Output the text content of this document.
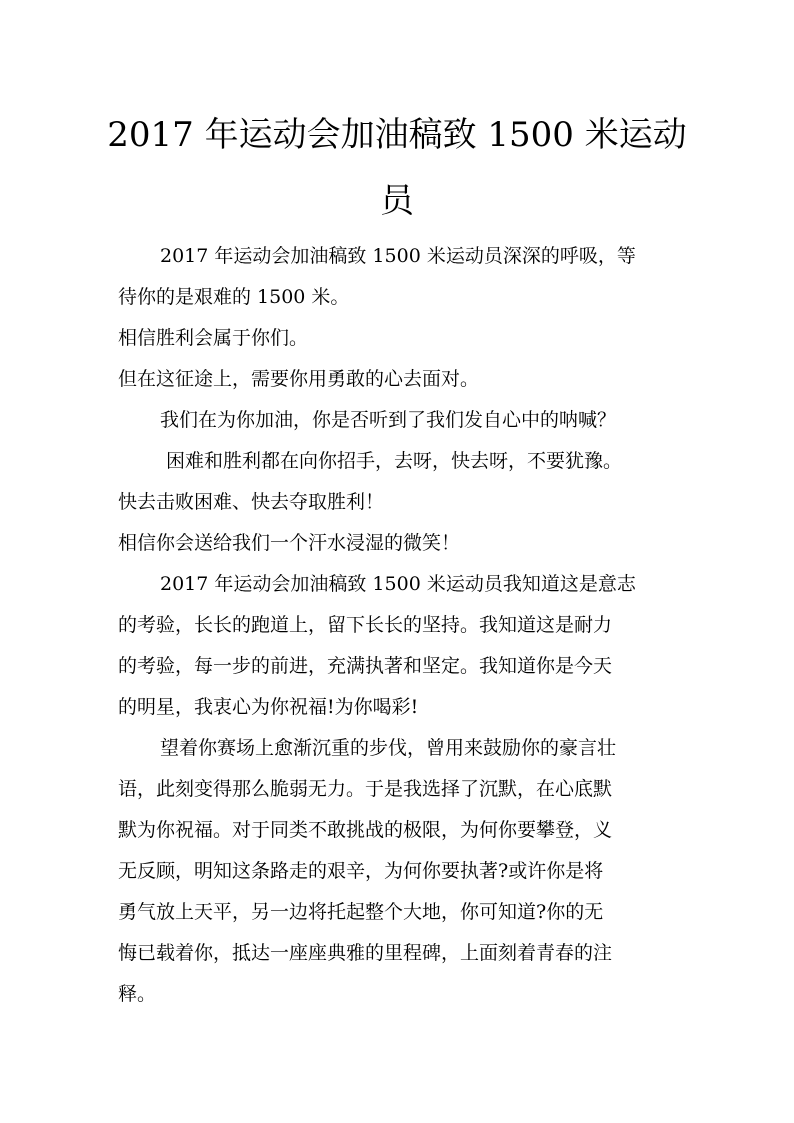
2017 年运动会加油稿致 1500 米运动
员
2017 年运动会加油稿致 1500 米运动员深深的呼吸，等
待你的是艰难的 1500 米。
相信胜利会属于你们。
但在这征途上，需要你用勇敢的心去面对。
我们在为你加油，你是否听到了我们发自心中的呐喊？
困难和胜利都在向你招手，去呀，快去呀，不要犹豫。
快去击败困难、快去夺取胜利！
相信你会送给我们一个汗水浸湿的微笑！
2017 年运动会加油稿致 1500 米运动员我知道这是意志
的考验，长长的跑道上，留下长长的坚持。我知道这是耐力
的考验，每一步的前进，充满执著和坚定。我知道你是今天
的明星，我衷心为你祝福!为你喝彩!
望着你赛场上愈渐沉重的步伐，曾用来鼓励你的豪言壮
语，此刻变得那么脆弱无力。于是我选择了沉默，在心底默
默为你祝福。对于同类不敢挑战的极限，为何你要攀登，义
无反顾，明知这条路走的艰辛，为何你要执著?或许你是将
勇气放上天平，另一边将托起整个大地，你可知道?你的无
悔已载着你，抵达一座座典雅的里程碑，上面刻着青春的注
释。
